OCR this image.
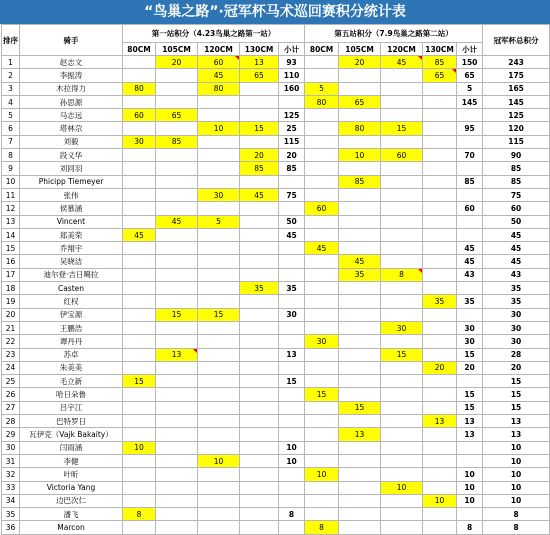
“鸟巢之路”·冠军杯马术巡回赛积分统计表
排序	骑手	第一站积分（4.23鸟巢之路第一站）					第五站积分（7.9鸟巢之路第二站）					冠军杯总积分
		80CM	105CM	120CM	130CM	小计	80CM	105CM	120CM	130CM	小计	
1	赵志文		20	60	13	93		20	45	85	150	243
2	李振涛			45	65	110				65	65	175
3	木拉得力	80		80		160	5				5	165
4	孙思源						80	65			145	145
5	马志远	60	65			125						125
6	塔林尕			10	15	25		80	15		95	120
7	刘毅	30	85			115						115
8	段义华				20	20		10	60		70	90
9	刘同羽				85	85						85
10	Phicipp Tiemeyer							85			85	85
11	张伟			30	45	75						75
12	侯慕涵						60				60	60
13	Vincent		45	5		50						50
14	郑美荣	45				45						45
15	乔翔宇						45				45	45
16	吴晓洁							45			45	45
17	迪尔登·吉日噶拉							35	8		43	43
18	Casten				35	35						35
19	红权									35	35	35
20	伊宝源		15	15		30						30
21	王鹏浩								30		30	30
22	谭丹丹						30				30	30
23	苏卓		13			13			15		15	28
24	朱美美									20	20	20
25	毛立新	15				15						15
26	哈日朵鲁						15				15	15
27	吕宇江							15			15	15
28	巴特罗日									13	13	13
29	瓦伊克（Vajk Bakaity）							13			13	13
30	闫雨涵	10				10						10
31	李健			10		10						10
32	叶昕						10				10	10
33	Victoria Yang								10		10	10
34	边巴次仁									10	10	10
35	潘飞	8				8						8
36	Marcon						8				8	8
